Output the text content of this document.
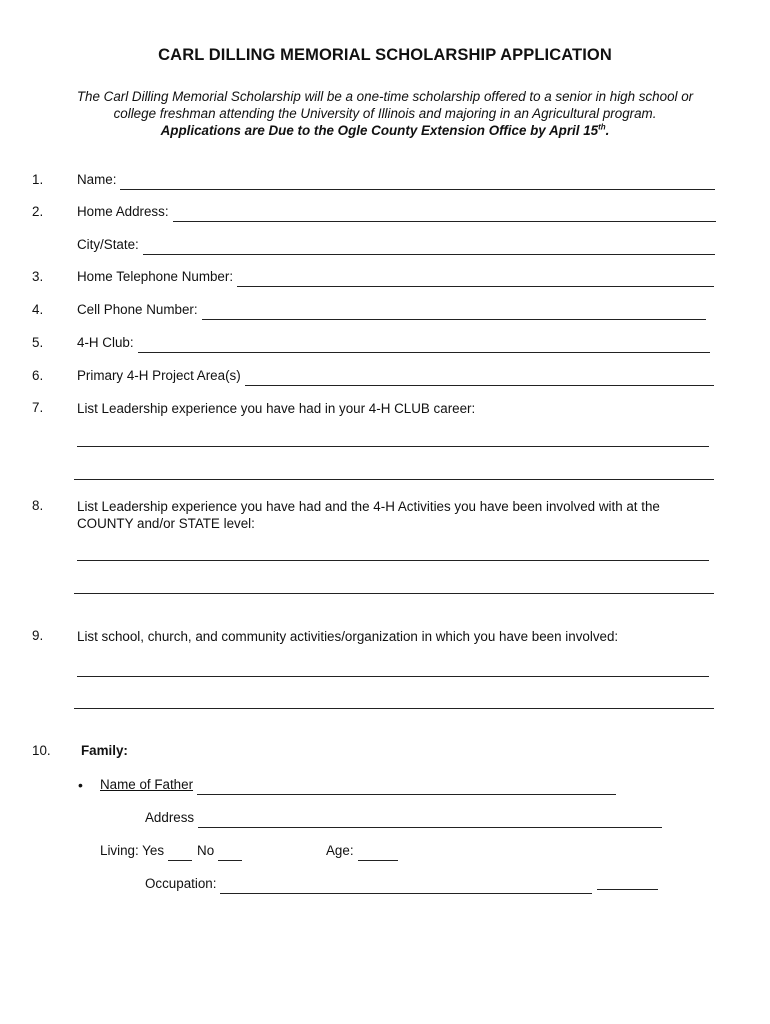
CARL DILLING MEMORIAL SCHOLARSHIP APPLICATION
The Carl Dilling Memorial Scholarship will be a one-time scholarship offered to a senior in high school or
college freshman attending the University of Illinois and majoring in an Agricultural program.
Applications are Due to the Ogle County Extension Office by April 15th.
1.	Name:
2.	Home Address:
City/State:
3.	Home Telephone Number:
4.	Cell Phone Number:
5.	4-H Club:
6.	Primary 4-H Project Area(s)
7.	List Leadership experience you have had in your 4-H CLUB career:
8.	List Leadership experience you have had and the 4-H Activities you have been involved with at the
COUNTY and/or STATE level:
9.	List school, church, and community activities/organization in which you have been involved:
10. Family:
• Name of Father
Address
Living: Yes	No	Age:
Occupation:
